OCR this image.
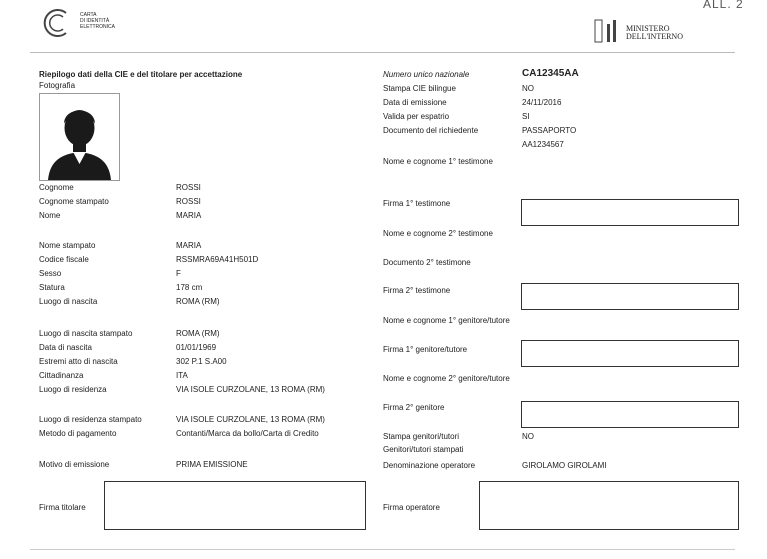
CARTA
DI IDENTITÀ
ELETTRONICA
ALL. 2
MINISTERO
DELL'INTERNO
Riepilogo dati della CIE e del titolare per accettazione
Fotografia
Cognome	ROSSI
Cognome stampato	ROSSI
Nome	MARIA
Nome stampato	MARIA
Codice fiscale	RSSMRA69A41H501D
Sesso	F
Statura	178 cm
Luogo di nascita	ROMA (RM)
Luogo di nascita stampato	ROMA (RM)
Data di nascita	01/01/1969
Estremi atto di nascita	302 P.1 S.A00
Cittadinanza	ITA
Luogo di residenza	VIA ISOLE CURZOLANE, 13 ROMA (RM)
Luogo di residenza stampato	VIA ISOLE CURZOLANE, 13 ROMA (RM)
Metodo di pagamento	Contanti/Marca da bollo/Carta di Credito
Motivo di emissione	PRIMA EMISSIONE
Firma titolare
Numero unico nazionale	CA12345AA
Stampa CIE bilingue	NO
Data di emissione	24/11/2016
Valida per espatrio	SI
Documento del richiedente	PASSAPORTO
AA1234567
Nome e cognome 1° testimone
Firma 1° testimone
Nome e cognome 2° testimone
Documento 2° testimone
Firma 2° testimone
Nome e cognome 1° genitore/tutore
Firma 1° genitore/tutore
Nome e cognome 2° genitore/tutore
Firma 2° genitore
Stampa genitori/tutori	NO
Genitori/tutori stampati
Denominazione operatore	GIROLAMO GIROLAMI
Firma operatore
